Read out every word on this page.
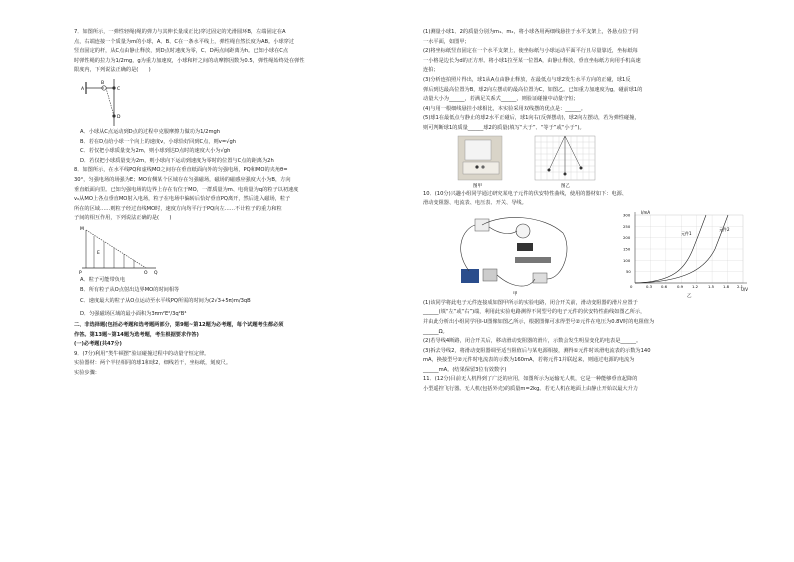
7．如图所示，一弹性轻绳(绳的弹力与其伸长量成正比)穿过固定的光滑圆环B，左端固定在A

点，右端连接一个质量为m的小球，A、B、C在一条水平线上，弹性绳自然长度为AB。小球穿过

竖直固定的杆，从C点由静止释放，到D点时速度为零，C、D两点间距离为h。已知小球在C点

时弹性绳的拉力为1/2mg，g为重力加速度，小球和杆之间的动摩擦因数为0.5，弹性绳始终处在弹性

限度内，下列说法正确的是(　　)

A
B
C
D

A．小球从C点运动到D点的过程中克服摩擦力做功为1/2mgh

B．若在D点给小球一个向上的速度v，小球恰好回到C点，则v=√gh

C．若仅把小球质量变为2m，则小球到达D点时的速度大小为√gh

D．若仅把小球质量变为2m，则小球向下运动到速度为零时的位置与C点的距离为2h

8．如图所示，在水平线PQ和虚线MO之间存在垂直纸面向外的匀强电场，PQ和MO的夹角θ=

30°，匀强电场的场强为E；MO有侧某个区域存在匀强磁场，磁场的磁感应强度大小为B，方向

垂直纸面向里。已知匀强电场的边界上存在有位于MO，一群质量为m、电荷量为q的粒子以初速度

v₀从MO上各点垂直MO射入电场，粒子在电场中偏转后恰好垂直PQ离开，然后进入磁场，粒子

所在的区域……则粒子经过直线MO时，速度方向均平行于PQ向左……不计粒子的重力和粒

子间的相互作用，下列说法正确的是(　　)

M
E
P	O Q

A．粒子可能带负电

B．所有粒子从O点射出边界MO的时间相等

C．速度最大的粒子从O点运动至水平线PQ所需的时间为(2√3+5π)m/3qB

D．匀强磁场区域的最小面积为3πm²E²/3q²B⁴

二、非选择题(包括必考题和选考题两部分，第9题~第12题为必考题，每个试题考生都必须

作答。第13题~第14题为选考题，考生根据要求作答)

(一)必考题(共47分)

9．(7分)利用“类牛顿摆”验证碰撞过程中的动量守恒定律。

实验器材：两个半径相同的球1和球2，细线若干，坐标纸，刻度尺。

实验步骤：

(1)测量小球1、2的质量分别为m₁、m₂，将小球各用两细线悬挂于水平支架上，各悬点位于同

一水平面，如图甲；

(2)将坐标纸竖直固定在一个水平支架上，使坐标纸与小球运动平面平行且尽量靠近，坐标纸每

一小格是边长为d的正方形。将小球1拉至某一位置A，由静止释放，垂直坐标纸方向用手机高速

连拍；

(3)分析连拍照片得出，球1从A点由静止释放，在最低点与球2发生水平方向的正碰，球1反

弹后到达最高位置为B，球2向左摆动的最高位置为C，如图乙。已知重力加速度为g，碰前球1的

动量大小为______，若满足关系式______，则验证碰撞中动量守恒；

(4)与用一根细线悬挂小球相比，本实验采用双线摆的优点是：______。

(5)球1在最低点与静止的球2水平正碰后，球1向右(反弹摆动)，球2向左摆动，若为弹性碰撞，

则可判断球1的质量______球2的质量(填写“大于”、“等于”或“小于”)。

图甲	图乙

10．(10分)兴趣小组同学通过研究某电子元件的伏安特性曲线，使用的器材如下：电源、

滑动变阻器、电流表、电压表、开关、导线。

甲
I/mA
U/V
300
250
200
150
100
50
0	0.3 0.6	0.9 1.2	1.5 1.8 2.1
元件1
元件2
乙

(1)该同学将此电子元件连接成如图甲所示的实验电路，闭合开关前，滑动变阻器的滑片应置于

______(填“左”或“右”)端，利用此实验电路测得不同型号的电子元件的伏安特性曲线如图乙所示，

并由此分析出小组同学用I-U图像如图乙所示，根据图像可求得型号②元件在电压为0.8V时的电阻值为

______Ω。

(2)若导线4断路，闭合开关后，移动滑动变阻器的滑片，示数会发生明显变化的电表是______。

(3)拆去导线2，将滑动变阻器调至适当阻值后与某电源相接，测得①元件时该滑电流表的示数为140

mA，换接型号②元件时电流表的示数为160mA，若将元件1并联起来，则通过电源的电流为

______mA。(结果保留3位有效数字)

11．(12分)目前无人机得到了广泛的应用，如图所示为运输无人机，它是一种能够垂直起降的

小型遥控飞行器。无人机(包括外壳)的质量m=2kg。若无人机在地面上由静止开始以最大升力
